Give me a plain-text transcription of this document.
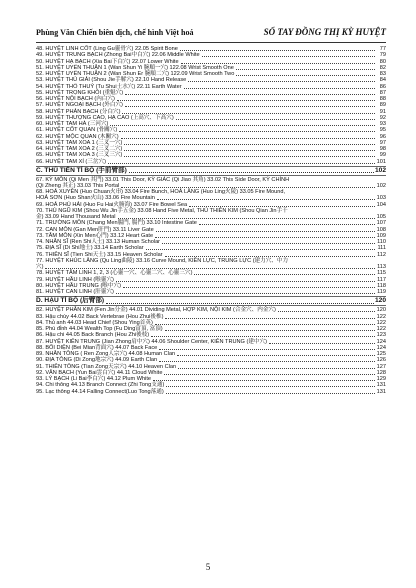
Phùng Văn Chiến biên dịch, chế hình Việt hoá	SỔ TAY ĐỒNG THỊ KỲ HUYỆT
48. HUYỆT LINH CỐT (Ling Gu靈骨穴) 22.05 Spirit Bone	77
49. HUYỆT TRUNG BẠCH (Zhong Bai中白穴) 22.06 Middle White	79
50. HUYỆT HẠ BẠCH (Xia Bai下白穴) 22.07 Lower White	80
51. HUYỆT UYỂN THUẬN 1 (Wan Shun Yi 腕順一穴) 122.08 Wrist Smooth One	82
52. HUYỆT UYỂN THUẬN 2 (Wan Shun Er 腕順二穴) 122.09 Wrist Smooth Two	83
53. HUYỆT THỦ GIẢI (Shou Jie手解穴) 22.10 Hand Release	84
54. HUYỆT THỔ THUỶ (Tu Shui土水穴) 22.11 Earth Water	86
55. HUYỆT TRỌNG KHÔI (重魁穴)	87
56. HUYỆT NỘI BẠCH (內白穴)	88
57. HUYỆT NGOẠI BẠCH (外白穴)	89
58. HUYỆT PHẢN BẠCH (分白穴)	91
59. HUYỆT THƯỢNG CAO, HẠ CAO (上高穴、下高穴)	92
60. HUYỆT TAM HÀ (三河穴)	93
61. HUYỆT CỐT QUAN (骨關穴)	95
62. HUYỆT MỘC QUAN (木關穴)	96
63. HUYỆT TAM XOA 1 (三叉一穴)	97
64. HUYỆT TAM XOA 2 (三叉二穴)	98
65. HUYỆT TAM XOA 3 (三叉三穴)	99
66. HUYỆT TAM XÍ (三岔穴)	101
C. THỦ TIỄN TỈ BỘ (手前臂部)	102
67. KỲ MÔN (Qi Men 其門) 33.01 This Door, KỲ GIÁC (Qi Jiao 其角) 33.02 This Side Door, KỲ CHÍNH
(Qi Zheng 其正) 33.03 This Portal	102
68. HOẢ XUYÊN (Huo Chuan火串) 33.04 Fire Bunch, HOẢ LĂNG (Huo Ling火陵) 33.05 Fire Mound,
HOẢ SƠN (Huo Shan火山) 33.06 Fire Mountain	103
69. HOẢ PHÚ HẢI (Huo Fu Hai火腑海) 33.07 Fire Bowel Sea	104
70. THỦ NGŨ KIM (Shou Wu Jin手五金) 33.08 Hand Five Metal, THỦ THIÊN KIM (Shou Qian Jin手千
金) 33.09 Hand Thousand Metal	105
71. TRƯỜNG MÔN (Chang Men腸門, 腸門) 33.10 Intestine Gate	107
72. CAN MÔN (Gan Men肝門) 33.11 Liver Gate	108
73. TÂM MÔN (Xin Men心門) 33.12 Heart Gate	109
74. NHÂN SĨ (Ren Shi人士) 33.13 Human Scholar	110
75. ĐỊA SĨ (Di Shi地士) 33.14 Earth Scholar	111
76. THIÊN SĨ (Tien Shi天士) 33.15 Heaven Scholar	112
77. HUYỆT KHÚC LĂNG (Qu Ling曲陵) 33.16 Curve Mound, KIÊN LỰC, TRUNG LỰC (建力穴、中力
穴)	113
78. HUYỆT TÂM LINH 1, 2, 3 (心靈一穴、心靈二穴、心靈三穴)	115
79. HUYỆT HẦU LINH (喉靈穴)	117
80. HUYỆT HẦU TRUNG (喉中穴)	118
81. HUYỆT CAN LINH (肝靈穴)	119
D. HẠU TỈ BỘ (后臂部)	120
82. HUYỆT PHÂN KIM (Fen Jin分金) 44.01 Dividing Metal, HỢP KIM, NỘI KIM (合金穴、内金穴)	120
83. Hậu chùy 44.02 Back Vertebrae (Hou Zhui後椎)	122
84. Thủ anh 44.03 Head Chief (Shou Ying首英)	122
85. Phú đỉnh 44.04 Wealth Top (Fu Ding富頂, 富頂)	122
86. Hậu chi 44.05 Back Branch (Hou Zhi後枝)	123
87. HUYỆT KIÊN TRUNG (Jian Zhong肩中穴) 44.06 Shoulder Center, KIÊN TRUNG (建中穴)	124
88. BỐI DIỆN (Bei Mian背面穴) 44.07 Back Face	124
89. NHÂN TÔNG ( Ren Zong人宗穴) 44.08 Human Clan	125
90. ĐỊA TÔNG (Di Zong地宗穴) 44.09 Earth Clan	126
91. THIÊN TÔNG (Tian Zong天宗穴) 44.10 Heaven Clan	127
92. VÂN BẠCH (Yun Bai雲白穴) 44.11 Cloud White	128
93. LÝ BẠCH (Li Bai李白穴) 44.12 Plum White	129
94. Chi thông 44.13 Branch Connect (Zhi Tong支通)	131
95. Lạc thông 44.14 Falling Connect(Luo Tong落通)	131
5
